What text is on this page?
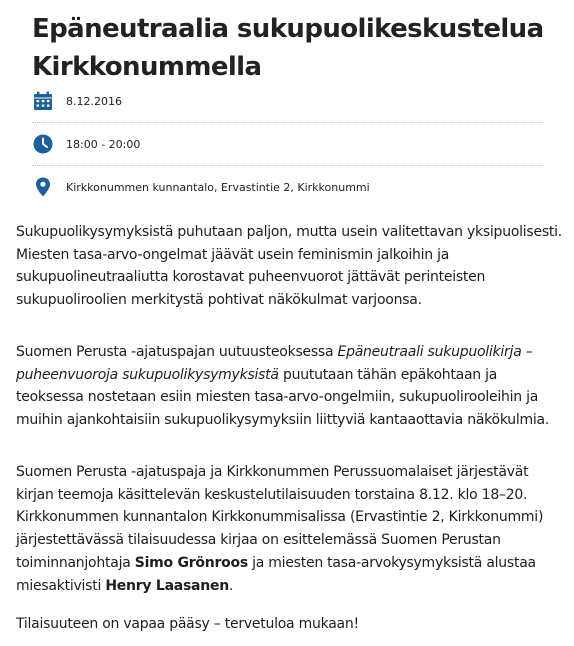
Epäneutraalia sukupuolikeskustelua Kirkkonummella
8.12.2016
18:00 - 20:00
Kirkkonummen kunnantalo, Ervastintie 2, Kirkkonummi

Sukupuolikysymyksistä puhutaan paljon, mutta usein valitettavan yksipuolisesti. Miesten tasa-arvo-ongelmat jäävät usein feminismin jalkoihin ja sukupuolineutraaliutta korostavat puheenvuorot jättävät perinteisten sukupuoliroolien merkitystä pohtivat näkökulmat varjoonsa.

Suomen Perusta -ajatuspajan uutuusteoksessa Epäneutraali sukupuolikirja – puheenvuoroja sukupuolikysymyksistä puututaan tähän epäkohtaan ja teoksessa nostetaan esiin miesten tasa-arvo-ongelmiin, sukupuolirooleihin ja muihin ajankohtaisiin sukupuolikysymyksiin liittyviä kantaaottavia näkökulmia.

Suomen Perusta -ajatuspaja ja Kirkkonummen Perussuomalaiset järjestävät kirjan teemoja käsittelevän keskustelutilaisuuden torstaina 8.12. klo 18–20. Kirkkonummen kunnantalon Kirkkonummisalissa (Ervastintie 2, Kirkkonummi) järjestettävässä tilaisuudessa kirjaa on esittelemässä Suomen Perustan toiminnanjohtaja Simo Grönroos ja miesten tasa-arvokysymyksistä alustaa miesaktivisti Henry Laasanen.

Tilaisuuteen on vapaa pääsy – tervetuloa mukaan!
